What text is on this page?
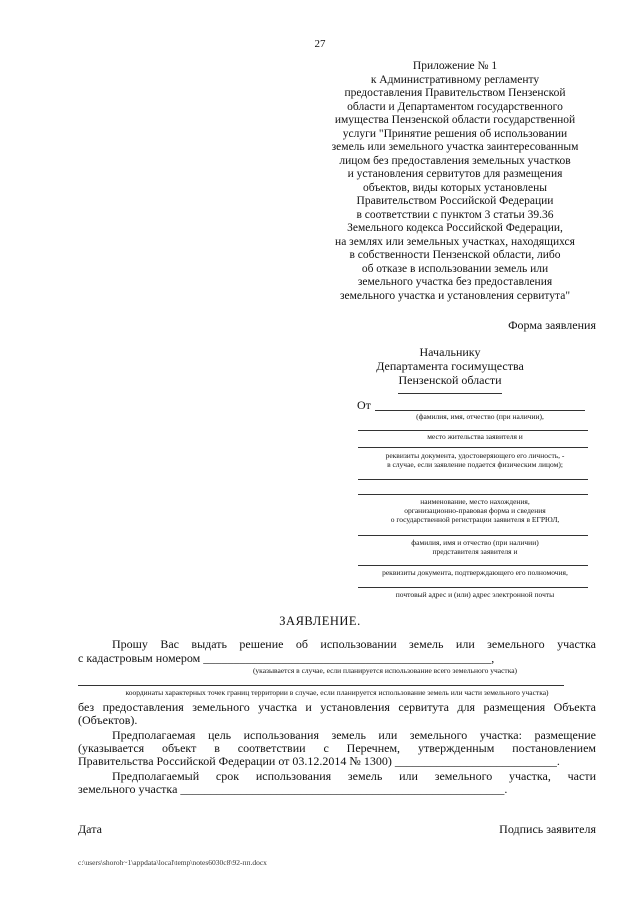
27
Приложение № 1
к Административному регламенту
предоставления Правительством Пензенской
области и Департаментом государственного
имущества Пензенской области государственной
услуги "Принятие решения об использовании
земель или земельного участка заинтересованным
лицом без предоставления земельных участков
и установления сервитутов для размещения
объектов, виды которых установлены
Правительством Российской Федерации
в соответствии с пунктом 3 статьи 39.36
Земельного кодекса Российской Федерации,
на землях или земельных участках, находящихся
в собственности Пензенской области, либо
об отказе в использовании земель или
земельного участка без предоставления
земельного участка и установления сервитута"
Форма заявления
Начальнику
Департамента госимущества
Пензенской области
От
(фамилия, имя, отчество (при наличии),
место жительства заявителя и
реквизиты документа, удостоверяющего его личность, -
в случае, если заявление подается физическим лицом);
наименование, место нахождения,
организационно-правовая форма и сведения
о государственной регистрации заявителя в ЕГРЮЛ,
фамилия, имя и отчество (при наличии)
представителя заявителя и
реквизиты документа, подтверждающего его полномочия,
почтовый адрес и (или) адрес электронной почты
ЗАЯВЛЕНИЕ.
Прошу Вас выдать решение об использовании земель или земельного участка
с кадастровым номером ________________________________________________,
(указывается в случае, если планируется использование всего земельного участка)
координаты характерных точек границ территории в случае, если планируется использование земель или части земельного участка)
без предоставления земельного участка и установления сервитута для размещения Объекта
(Объектов).
Предполагаемая цель использования земель или земельного участка: размещение
(указывается объект в соответствии с Перечнем, утвержденным постановлением
Правительства Российской Федерации от 03.12.2014 № 1300) ___________________________.
Предполагаемый срок использования земель или земельного участка, части
земельного участка ______________________________________________________.
Дата	Подпись заявителя
c:\users\shoroh~1\appdata\local\temp\notes6030c8\92-пп.docx
